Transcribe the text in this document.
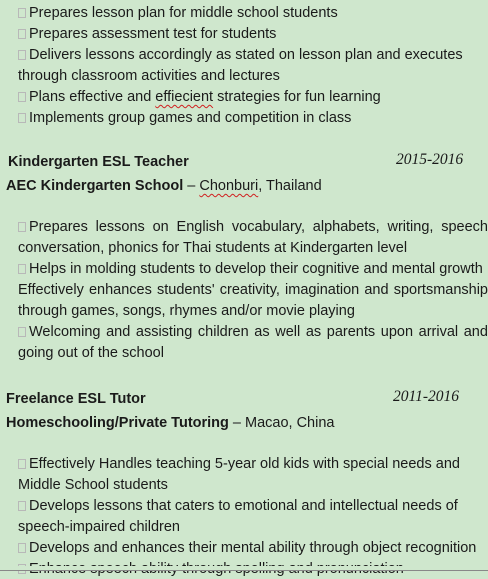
Prepares lesson plan for middle school students
Prepares assessment test for students
Delivers lessons accordingly as stated on lesson plan and executes
through classroom activities and lectures
Plans effective and effiecient strategies for fun learning
Implements group games and competition in class
Kindergarten ESL Teacher	2015-2016
AEC Kindergarten School – Chonburi, Thailand
Prepares lessons on English vocabulary, alphabets, writing, speech
conversation, phonics for Thai students at Kindergarten level
Helps in molding students to develop their cognitive and mental growth
Effectively enhances students' creativity, imagination and sportsmanship
through games, songs, rhymes and/or movie playing
Welcoming and assisting children as well as parents upon arrival and
going out of the school
Freelance ESL Tutor	2011-2016
Homeschooling/Private Tutoring – Macao, China
Effectively Handles teaching 5-year old kids with special needs and
Middle School students
Develops lessons that caters to emotional and intellectual needs of
speech-impaired children
Develops and enhances their mental ability through object recognition
